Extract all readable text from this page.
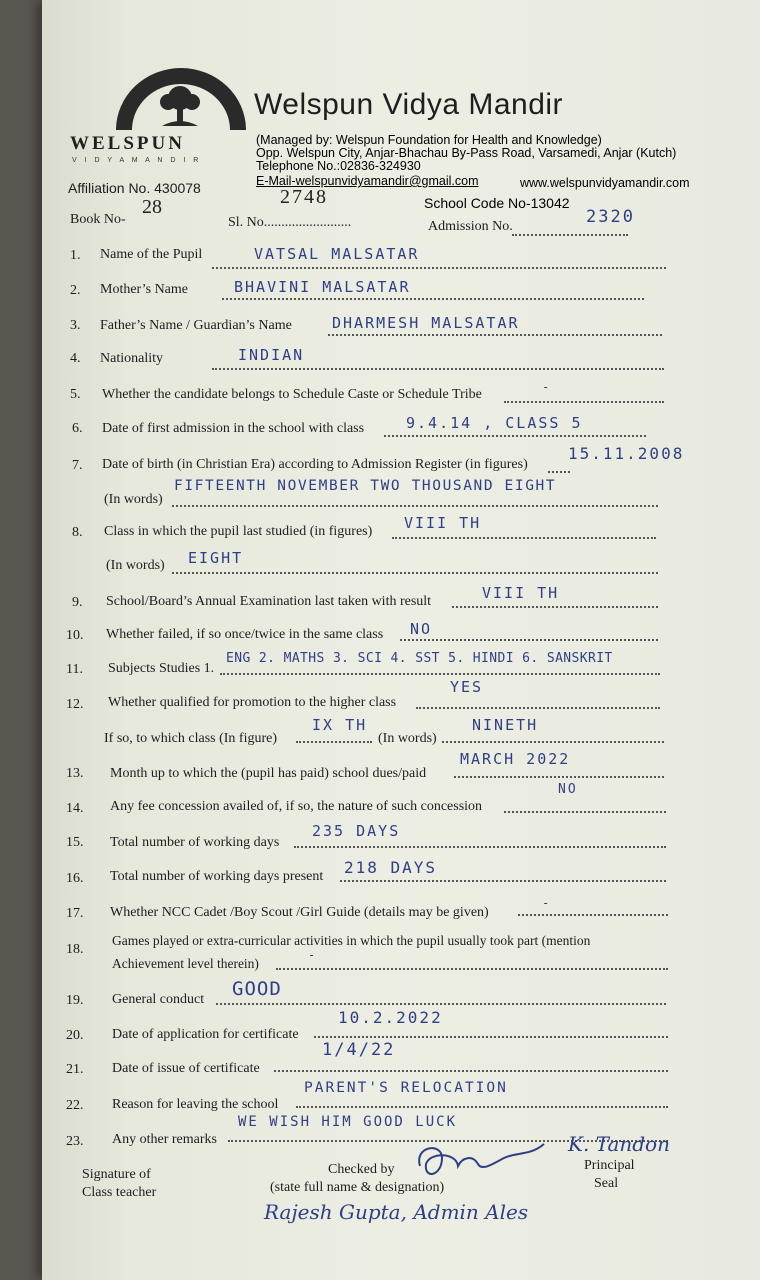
WELSPUN
V I D Y A M A N D I R
Welspun Vidya Mandir
(Managed by: Welspun Foundation for Health and Knowledge)
Opp. Welspun City, Anjar-Bhachau By-Pass Road, Varsamedi, Anjar (Kutch)
Telephone No.:02836-324930
E-Mail-welspunvidyamandir@gmail.com	www.welspunvidyamandir.com
Affiliation No. 430078	2748	School Code No-13042
Book No-
28
Sl. No.........................	Admission No.	2320
1. Name of the Pupil	VATSAL MALSATAR
2. Mother’s Name	BHAVINI MALSATAR
3. Father’s Name / Guardian’s Name	DHARMESH MALSATAR
4. Nationality	INDIAN
5. Whether the candidate belongs to Schedule Caste or Schedule Tribe	-
6. Date of first admission in the school with class	9.4.14 , CLASS 5
7. Date of birth (in Christian Era) according to Admission Register (in figures)
15.11.2008
(In words)
FIFTEENTH NOVEMBER TWO THOUSAND EIGHT
8. Class in which the pupil last studied (in figures) VIII TH
(In words) EIGHT
9. School/Board’s Annual Examination last taken with result	VIII TH
10. Whether failed, if so once/twice in the same class NO
11. Subjects Studies 1.
ENG 2. MATHS 3. SCI 4. SST 5. HINDI 6. SANSKRIT
12. Whether qualified for promotion to the higher class
YES
If so, to which class (In figure)
IX TH
(In words)
NINETH
13. Month up to which the (pupil has paid) school dues/paid
MARCH 2022
14. Any fee concession availed of, if so, the nature of such concession
NO
15. Total number of working days
235 DAYS
16. Total number of working days present 218 DAYS
17. Whether NCC Cadet /Boy Scout /Girl Guide (details may be given)
-
18.
Games played or extra-curricular activities in which the pupil usually took part (mention
Achievement level therein)
-
19. General conduct GOOD
20. Date of application for certificate
10.2.2022
21. Date of issue of certificate
1/4/22
22. Reason for leaving the school
PARENT'S RELOCATION
23. Any other remarks
WE WISH HIM GOOD LUCK
Signature of
Class teacher
Checked by
(state full name & designation)
K. Tandon
Principal
Seal
Rajesh Gupta, Admin Ales
